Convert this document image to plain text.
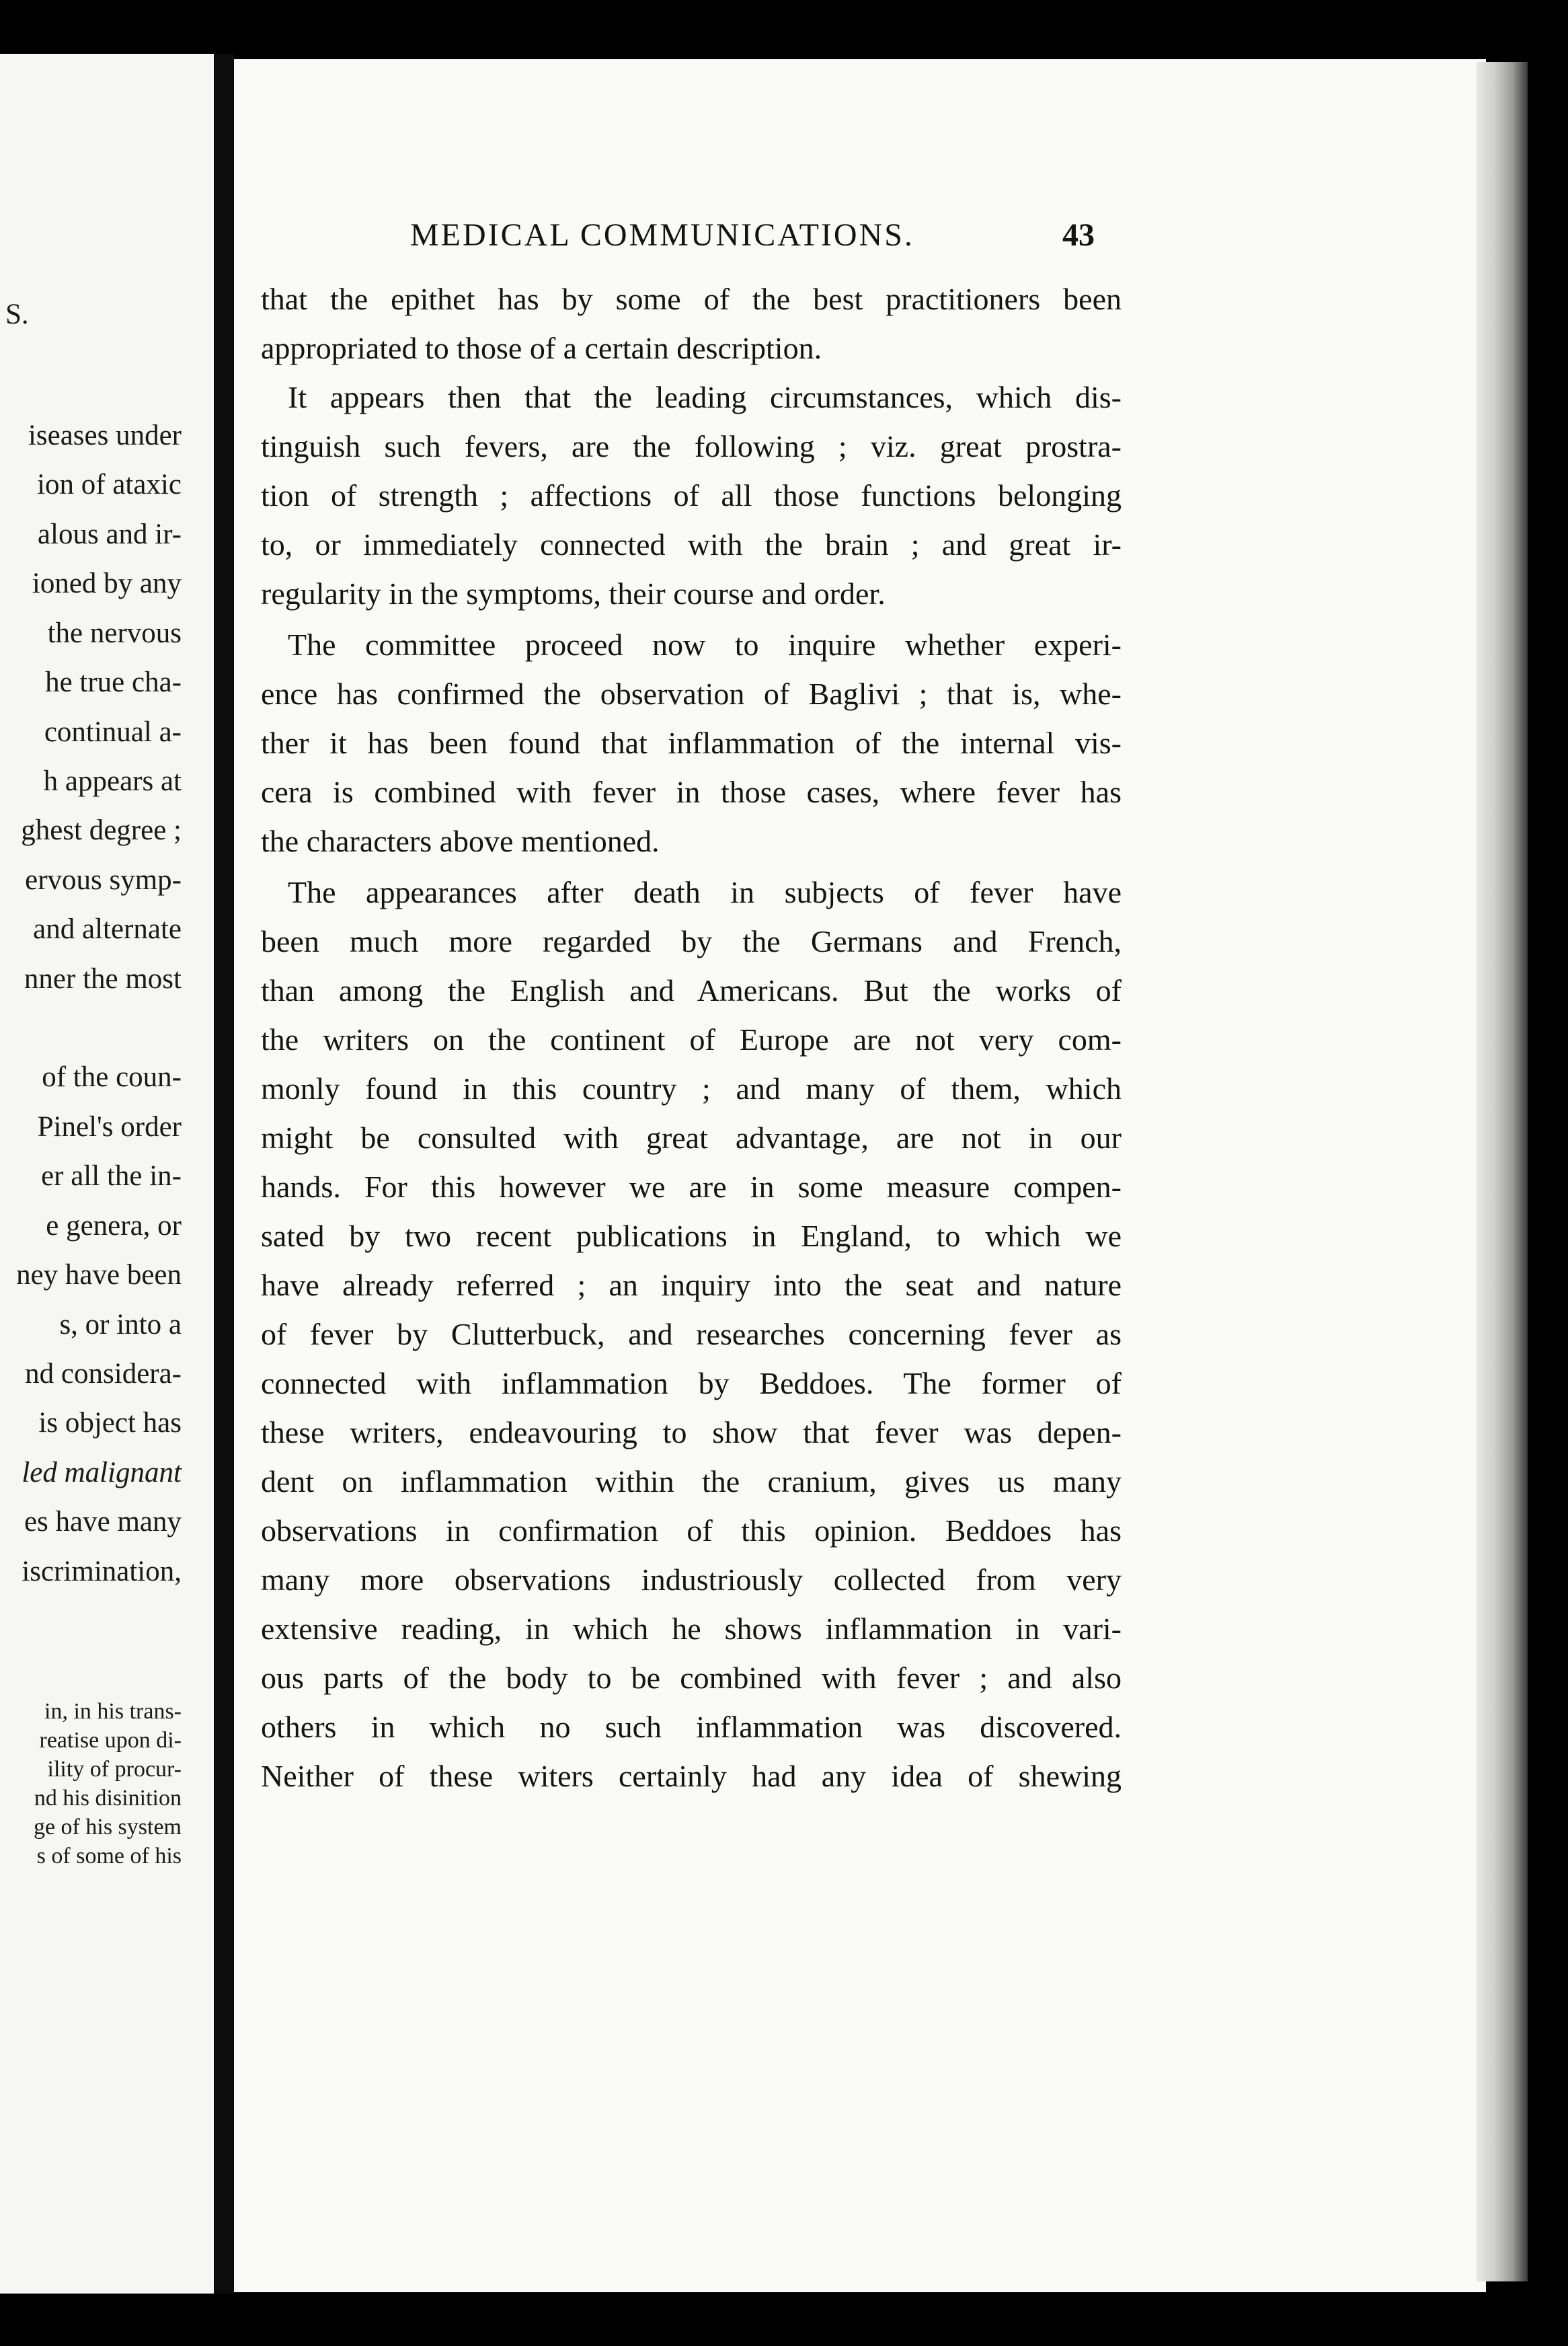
S.
iseases under
ion of ataxic
alous and ir-
ioned by any
the nervous
he true cha-
continual a-
h appears at
ghest degree ;
ervous symp-
and alternate
nner the most
of the coun-
Pinel's order
er all the in-
e genera, or
ney have been
s, or into a
nd considera-
is object has
led malignant
es have many
iscrimination,
in, in his trans-
reatise upon di-
ility of procur-
nd his disinition
ge of his system
s of some of his
MEDICAL COMMUNICATIONS.	43
that the epithet has by some of the best practitioners been
appropriated to those of a certain description.
It appears then that the leading circumstances, which dis-
tinguish such fevers, are the following ; viz. great prostra-
tion of strength ; affections of all those functions belonging
to, or immediately connected with the brain ; and great ir-
regularity in the symptoms, their course and order.
The committee proceed now to inquire whether experi-
ence has confirmed the observation of Baglivi ; that is, whe-
ther it has been found that inflammation of the internal vis-
cera is combined with fever in those cases, where fever has
the characters above mentioned.
The appearances after death in subjects of fever have
been much more regarded by the Germans and French,
than among the English and Americans. But the works of
the writers on the continent of Europe are not very com-
monly found in this country ; and many of them, which
might be consulted with great advantage, are not in our
hands. For this however we are in some measure compen-
sated by two recent publications in England, to which we
have already referred ; an inquiry into the seat and nature
of fever by Clutterbuck, and researches concerning fever as
connected with inflammation by Beddoes. The former of
these writers, endeavouring to show that fever was depen-
dent on inflammation within the cranium, gives us many
observations in confirmation of this opinion. Beddoes has
many more observations industriously collected from very
extensive reading, in which he shows inflammation in vari-
ous parts of the body to be combined with fever ; and also
others in which no such inflammation was discovered.
Neither of these witers certainly had any idea of shewing
